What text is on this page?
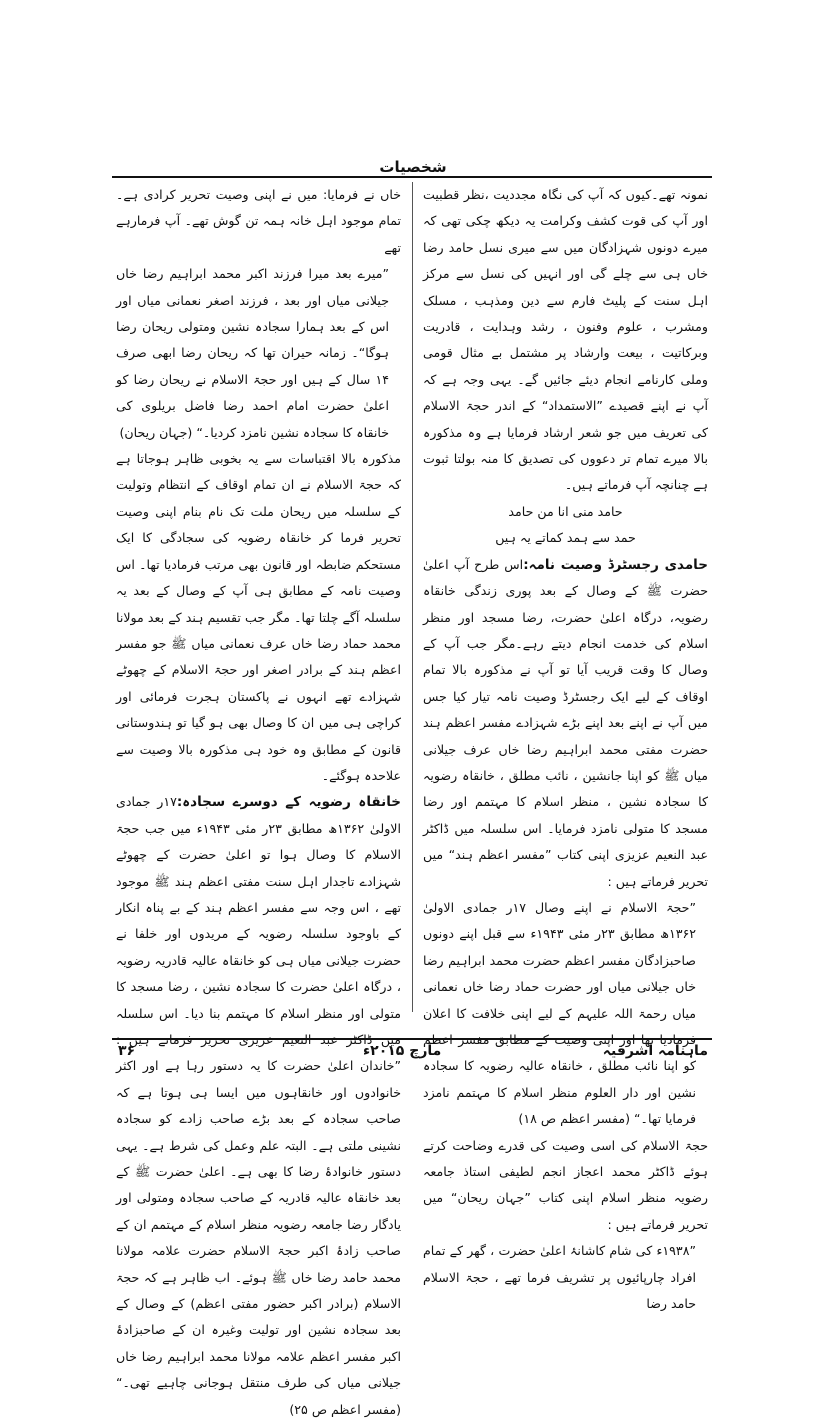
شخصیات

نمونہ تھے۔کیوں کہ آپ کی نگاہ مجددیت ،نظر قطبیت اور آپ کی قوت کشف وکرامت یہ دیکھ چکی تھی کہ میرے دونوں شہزادگان میں سے میری نسل حامد رضا خاں ہی سے چلے گی اور انہیں کی نسل سے مرکز اہل سنت کے پلیٹ فارم سے دین ومذہب ، مسلک ومشرب ، علوم وفنون ، رشد وہدایت ، قادریت وبرکاتیت ، بیعت وارشاد پر مشتمل بے مثال قومی وملی کارنامے انجام دیئے جائیں گے۔ یہی وجہ ہے کہ آپ نے اپنے قصیدے ”الاستمداد“ کے اندر حجۃ الاسلام کی تعریف میں جو شعر ارشاد فرمایا ہے وہ مذکورہ بالا میرے تمام تر دعووں کی تصدیق کا منہ بولتا ثبوت ہے چنانچہ آپ فرماتے ہیں۔

حامد منی انا من حامد

حمد سے ہمد کماتے یہ ہیں

حامدی رجسٹرڈ وصیت نامہ:اس طرح آپ اعلیٰ حضرت ﷺ کے وصال کے بعد پوری زندگی خانقاہ رضویہ، درگاہ اعلیٰ حضرت، رضا مسجد اور منظر اسلام کی خدمت انجام دیتے رہے۔مگر جب آپ کے وصال کا وقت قریب آیا تو آپ نے مذکورہ بالا تمام اوقاف کے لیے ایک رجسٹرڈ وصیت نامہ تیار کیا جس میں آپ نے اپنے بعد اپنے بڑے شہزادے مفسر اعظم ہند حضرت مفتی محمد ابراہیم رضا خاں عرف جیلانی میاں ﷺ کو اپنا جانشین ، نائب مطلق ، خانقاہ رضویہ کا سجادہ نشین ، منظر اسلام کا مہتمم اور رضا مسجد کا متولی نامزد فرمایا۔ اس سلسلہ میں ڈاکٹر عبد النعیم عزیزی اپنی کتاب ”مفسر اعظم ہند“ میں تحریر فرماتے ہیں :

”حجۃ الاسلام نے اپنے وصال ۱۷ر جمادی الاولیٰ ۱۳۶۲ھ مطابق ۲۳ر مئی ۱۹۴۳ء سے قبل اپنے دونوں صاحبزادگان مفسر اعظم حضرت محمد ابراہیم رضا خاں جیلانی میاں اور حضرت حماد رضا خاں نعمانی میاں رحمۃ اللہ علیہم کے لیے اپنی خلافت کا اعلان فرمادیا تھا اور اپنی وصیت کے مطابق مفسر اعظم کو اپنا نائب مطلق ، خانقاہ عالیہ رضویہ کا سجادہ نشین اور دار العلوم منظر اسلام کا مہتمم نامزد فرمایا تھا۔“ (مفسر اعظم ص ۱۸)

حجۃ الاسلام کی اسی وصیت کی قدرے وضاحت کرتے ہوئے ڈاکٹر محمد اعجاز انجم لطیفی استاذ جامعہ رضویہ منظر اسلام اپنی کتاب ”جہان ریحان“ میں تحریر فرماتے ہیں :

”۱۹۳۸ء کی شام کاشانۂ اعلیٰ حضرت ، گھر کے تمام افراد چارپائیوں پر تشریف فرما تھے ، حجۃ الاسلام حامد رضا

خاں نے فرمایا: میں نے اپنی وصیت تحریر کرادی ہے۔ تمام موجود اہل خانہ ہمہ تن گوش تھے۔ آپ فرمارہے تھے

”میرے بعد میرا فرزند اکبر محمد ابراہیم رضا خاں جیلانی میاں اور بعد ، فرزند اصغر نعمانی میاں اور اس کے بعد ہمارا سجادہ نشین ومتولی ریحان رضا ہوگا“۔ زمانہ حیران تھا کہ ریحان رضا ابھی صرف ۱۴ سال کے ہیں اور حجۃ الاسلام نے ریحان رضا کو اعلیٰ حضرت امام احمد رضا فاضل بریلوی کی خانقاہ کا سجادہ نشین نامزد کردیا۔“ (جہان ریحان)

مذکورہ بالا اقتباسات سے یہ بخوبی ظاہر ہوجاتا ہے کہ حجۃ الاسلام نے ان تمام اوقاف کے انتظام وتولیت کے سلسلہ میں ریحان ملت تک نام بنام اپنی وصیت تحریر فرما کر خانقاہ رضویہ کی سجادگی کا ایک مستحکم ضابطہ اور قانون بھی مرتب فرمادیا تھا۔ اس وصیت نامہ کے مطابق ہی آپ کے وصال کے بعد یہ سلسلہ آگے چلتا تھا۔ مگر جب تقسیم ہند کے بعد مولانا محمد حماد رضا خاں عرف نعمانی میاں ﷺ جو مفسر اعظم ہند کے برادر اصغر اور حجۃ الاسلام کے چھوٹے شہزادے تھے انہوں نے پاکستان ہجرت فرمائی اور کراچی ہی میں ان کا وصال بھی ہو گیا تو ہندوستانی قانون کے مطابق وہ خود ہی مذکورہ بالا وصیت سے علاحدہ ہوگئے۔

خانقاہ رضویہ کے دوسرے سجادہ:۱۷ر جمادی الاولیٰ ۱۳۶۲ھ مطابق ۲۳ر مئی ۱۹۴۳ء میں جب حجۃ الاسلام کا وصال ہوا تو اعلیٰ حضرت کے چھوٹے شہزادے تاجدار اہل سنت مفتی اعظم ہند ﷺ موجود تھے ، اس وجہ سے مفسر اعظم ہند کے بے پناہ انکار کے باوجود سلسلہ رضویہ کے مریدوں اور خلفا نے حضرت جیلانی میاں ہی کو خانقاہ عالیہ قادریہ رضویہ ، درگاہ اعلیٰ حضرت کا سجادہ نشین ، رضا مسجد کا متولی اور منظر اسلام کا مہتمم بنا دیا۔ اس سلسلہ میں ڈاکٹر عبد النعیم عزیزی تحریر فرماتے ہیں : ”خاندان اعلیٰ حضرت کا یہ دستور رہا ہے اور اکثر خانوادوں اور خانقاہوں میں ایسا ہی ہوتا ہے کہ صاحب سجادہ کے بعد بڑے صاحب زادے کو سجادہ نشینی ملتی ہے۔ البتہ علم وعمل کی شرط ہے۔ یہی دستور خانوادۂ رضا کا بھی ہے۔ اعلیٰ حضرت ﷺ کے بعد خانقاہ عالیہ قادریہ کے صاحب سجادہ ومتولی اور یادگار رضا جامعہ رضویہ منظر اسلام کے مہتمم ان کے صاحب زادۂ اکبر حجۃ الاسلام حضرت علامہ مولانا محمد حامد رضا خاں ﷺ ہوئے۔ اب ظاہر ہے کہ حجۃ الاسلام (برادر اکبر حضور مفتی اعظم) کے وصال کے بعد سجادہ نشین اور تولیت وغیرہ ان کے صاحبزادۂ اکبر مفسر اعظم علامہ مولانا محمد ابراہیم رضا خاں جیلانی میاں کی طرف منتقل ہوجانی چاہیے تھی۔“ (مفسر اعظم ص ۲۵)

ماہنامہ اشرفیہ
مارچ ۲۰۱۵ء
۳۶
